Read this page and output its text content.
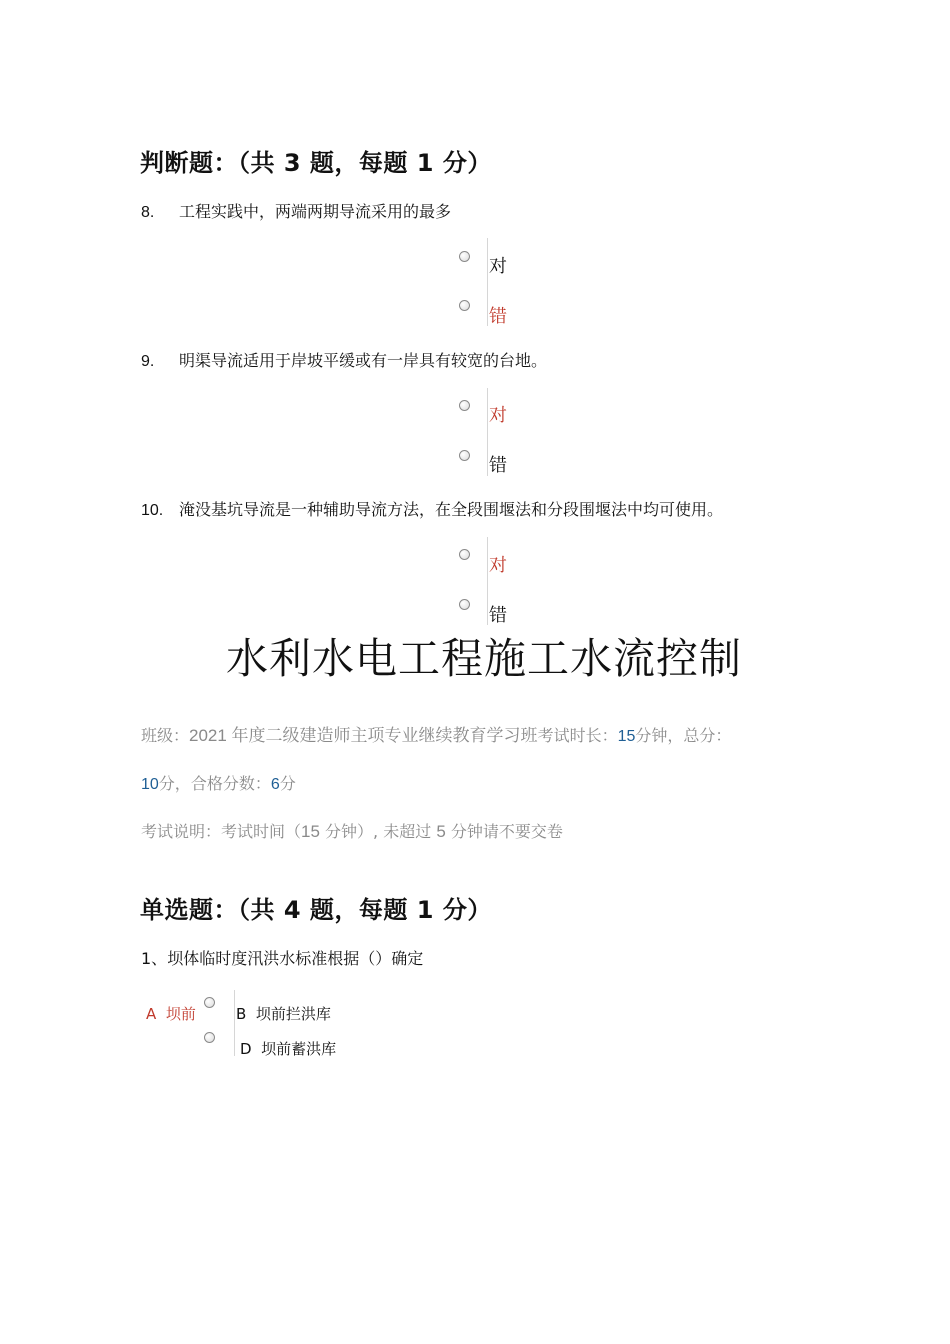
判断题：（共 3 题，每题 1 分）
8. 工程实践中，两端两期导流采用的最多
对
错
9. 明渠导流适用于岸坡平缓或有一岸具有较宽的台地。
对
错
10. 淹没基坑导流是一种辅助导流方法，在全段围堰法和分段围堰法中均可使用。
对
错
水利水电工程施工水流控制
班级：2021 年度二级建造师主项专业继续教育学习班考试时长：15分钟，总分：
10分，合格分数：6分
考试说明：考试时间（15 分钟）, 未超过 5 分钟请不要交卷
单选题：（共 4 题，每题 1 分）
1、坝体临时度汛洪水标准根据（）确定
A 坝前	B 坝前拦洪库
D 坝前蓄洪库
